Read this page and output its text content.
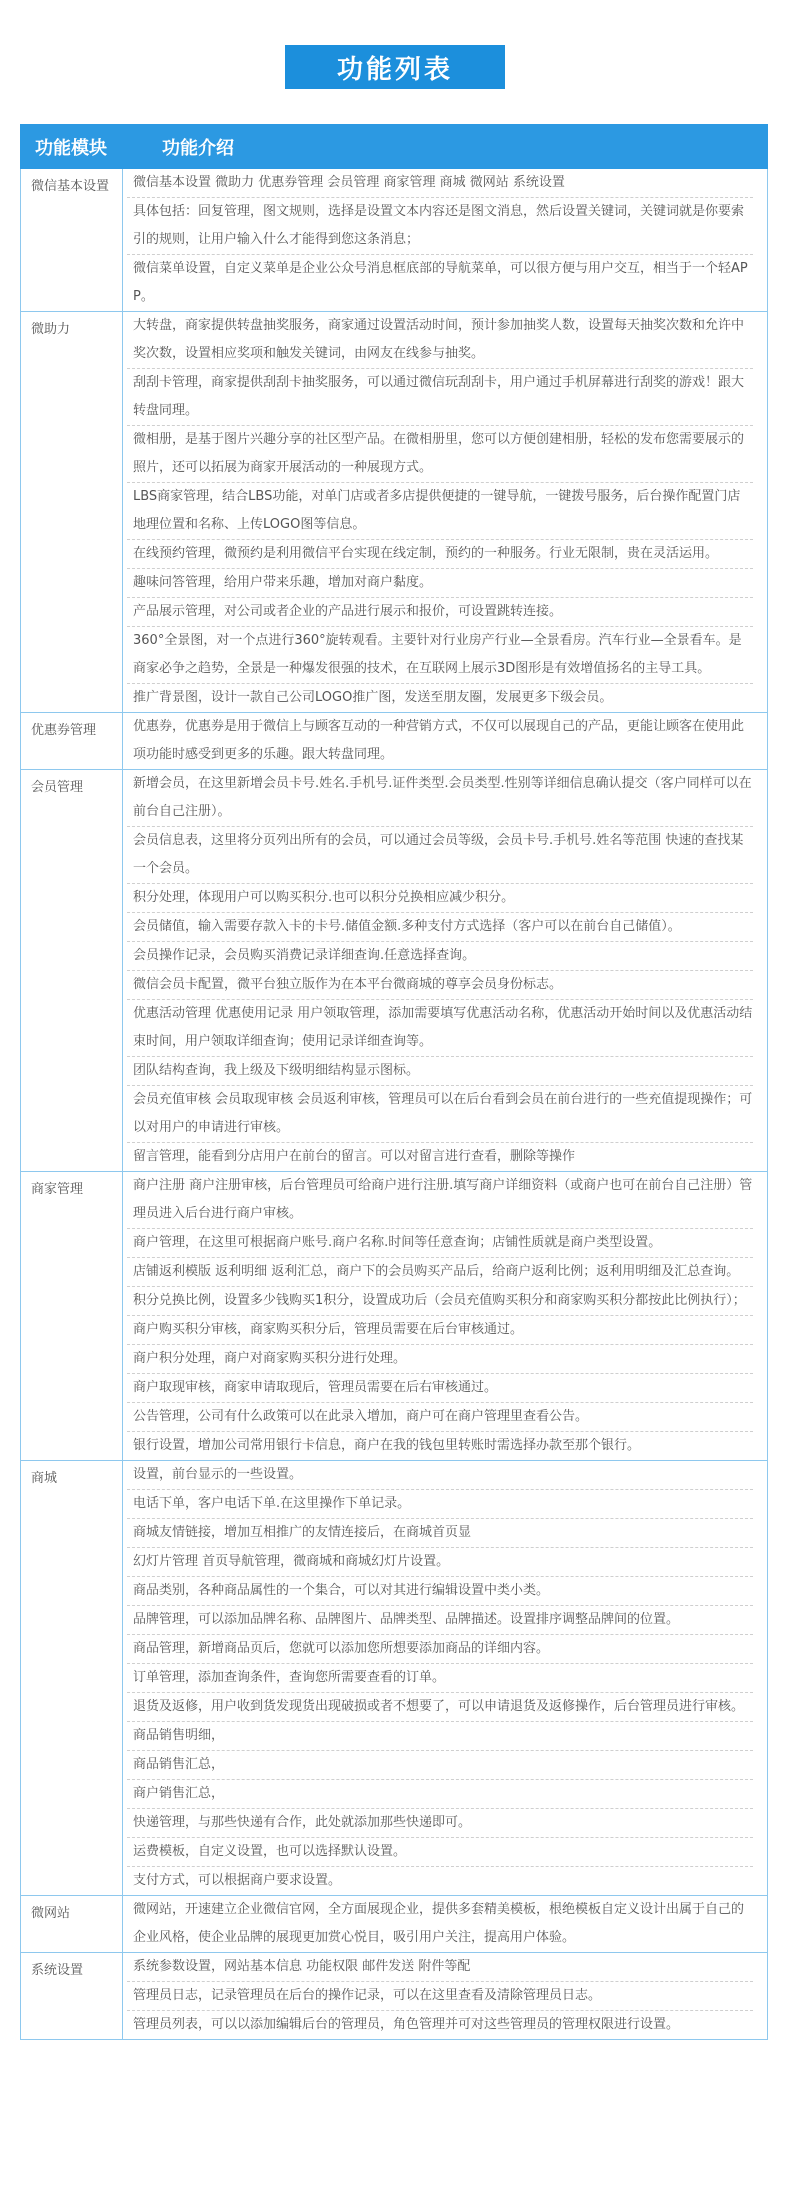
功能列表
功能模块	功能介绍
微信基本设置	微信基本设置 微助力 优惠券管理 会员管理 商家管理 商城 微网站 系统设置
具体包括：回复管理，图文规则，选择是设置文本内容还是图文消息，然后设置关键词，关键词就是你要索引的规则，让用户输入什么才能得到您这条消息；
微信菜单设置，自定义菜单是企业公众号消息框底部的导航菜单，可以很方便与用户交互，相当于一个轻APP。
微助力	大转盘，商家提供转盘抽奖服务，商家通过设置活动时间，预计参加抽奖人数，设置每天抽奖次数和允许中奖次数，设置相应奖项和触发关键词，由网友在线参与抽奖。
刮刮卡管理，商家提供刮刮卡抽奖服务，可以通过微信玩刮刮卡，用户通过手机屏幕进行刮奖的游戏！跟大转盘同理。
微相册，是基于图片兴趣分享的社区型产品。在微相册里，您可以方便创建相册，轻松的发布您需要展示的照片，还可以拓展为商家开展活动的一种展现方式。
LBS商家管理，结合LBS功能，对单门店或者多店提供便捷的一键导航，一键拨号服务，后台操作配置门店地理位置和名称、上传LOGO图等信息。
在线预约管理，微预约是利用微信平台实现在线定制，预约的一种服务。行业无限制，贵在灵活运用。
趣味问答管理，给用户带来乐趣，增加对商户黏度。
产品展示管理，对公司或者企业的产品进行展示和报价，可设置跳转连接。
360°全景图，对一个点进行360°旋转观看。主要针对行业房产行业—全景看房。汽车行业—全景看车。是商家必争之趋势，全景是一种爆发很强的技术，在互联网上展示3D图形是有效增值扬名的主导工具。
推广背景图，设计一款自己公司LOGO推广图，发送至朋友圈，发展更多下级会员。
优惠券管理	优惠券，优惠券是用于微信上与顾客互动的一种营销方式，不仅可以展现自己的产品，更能让顾客在使用此项功能时感受到更多的乐趣。跟大转盘同理。
会员管理	新增会员，在这里新增会员卡号.姓名.手机号.证件类型.会员类型.性别等详细信息确认提交（客户同样可以在前台自己注册）。
会员信息表，这里将分页列出所有的会员，可以通过会员等级，会员卡号.手机号.姓名等范围 快速的查找某一个会员。
积分处理，体现用户可以购买积分.也可以积分兑换相应减少积分。
会员储值，输入需要存款入卡的卡号.储值金额.多种支付方式选择（客户可以在前台自己储值）。
会员操作记录，会员购买消费记录详细查询.任意选择查询。
微信会员卡配置，微平台独立版作为在本平台微商城的尊享会员身份标志。
优惠活动管理 优惠使用记录 用户领取管理，添加需要填写优惠活动名称，优惠活动开始时间以及优惠活动结束时间，用户领取详细查询；使用记录详细查询等。
团队结构查询，我上级及下级明细结构显示图标。
会员充值审核 会员取现审核 会员返利审核，管理员可以在后台看到会员在前台进行的一些充值提现操作；可以对用户的申请进行审核。
留言管理，能看到分店用户在前台的留言。可以对留言进行查看，删除等操作
商家管理	商户注册 商户注册审核，后台管理员可给商户进行注册.填写商户详细资料（或商户也可在前台自己注册）管理员进入后台进行商户审核。
商户管理，在这里可根据商户账号.商户名称.时间等任意查询；店铺性质就是商户类型设置。
店铺返利模版 返利明细 返利汇总，商户下的会员购买产品后，给商户返利比例；返利用明细及汇总查询。
积分兑换比例，设置多少钱购买1积分，设置成功后（会员充值购买积分和商家购买积分都按此比例执行）；
商户购买积分审核，商家购买积分后，管理员需要在后台审核通过。
商户积分处理，商户对商家购买积分进行处理。
商户取现审核，商家申请取现后，管理员需要在后右审核通过。
公告管理，公司有什么政策可以在此录入增加，商户可在商户管理里查看公告。
银行设置，增加公司常用银行卡信息，商户在我的钱包里转账时需选择办款至那个银行。
商城	设置，前台显示的一些设置。
电话下单，客户电话下单.在这里操作下单记录。
商城友情链接，增加互相推广的友情连接后，在商城首页显
幻灯片管理 首页导航管理，微商城和商城幻灯片设置。
商品类别，各种商品属性的一个集合，可以对其进行编辑设置中类小类。
品牌管理，可以添加品牌名称、品牌图片、品牌类型、品牌描述。设置排序调整品牌间的位置。
商品管理，新增商品页后，您就可以添加您所想要添加商品的详细内容。
订单管理，添加查询条件，查询您所需要查看的订单。
退货及返修，用户收到货发现货出现破损或者不想要了，可以申请退货及返修操作，后台管理员进行审核。
商品销售明细，
商品销售汇总，
商户销售汇总，
快递管理，与那些快递有合作，此处就添加那些快递即可。
运费模板，自定义设置，也可以选择默认设置。
支付方式，可以根据商户要求设置。
微网站	微网站，开速建立企业微信官网，全方面展现企业，提供多套精美模板，根绝模板自定义设计出属于自己的企业风格，使企业品牌的展现更加赏心悦目，吸引用户关注，提高用户体验。
系统设置	系统参数设置，网站基本信息 功能权限 邮件发送 附件等配
管理员日志，记录管理员在后台的操作记录，可以在这里查看及清除管理员日志。
管理员列表，可以以添加编辑后台的管理员，角色管理并可对这些管理员的管理权限进行设置。
